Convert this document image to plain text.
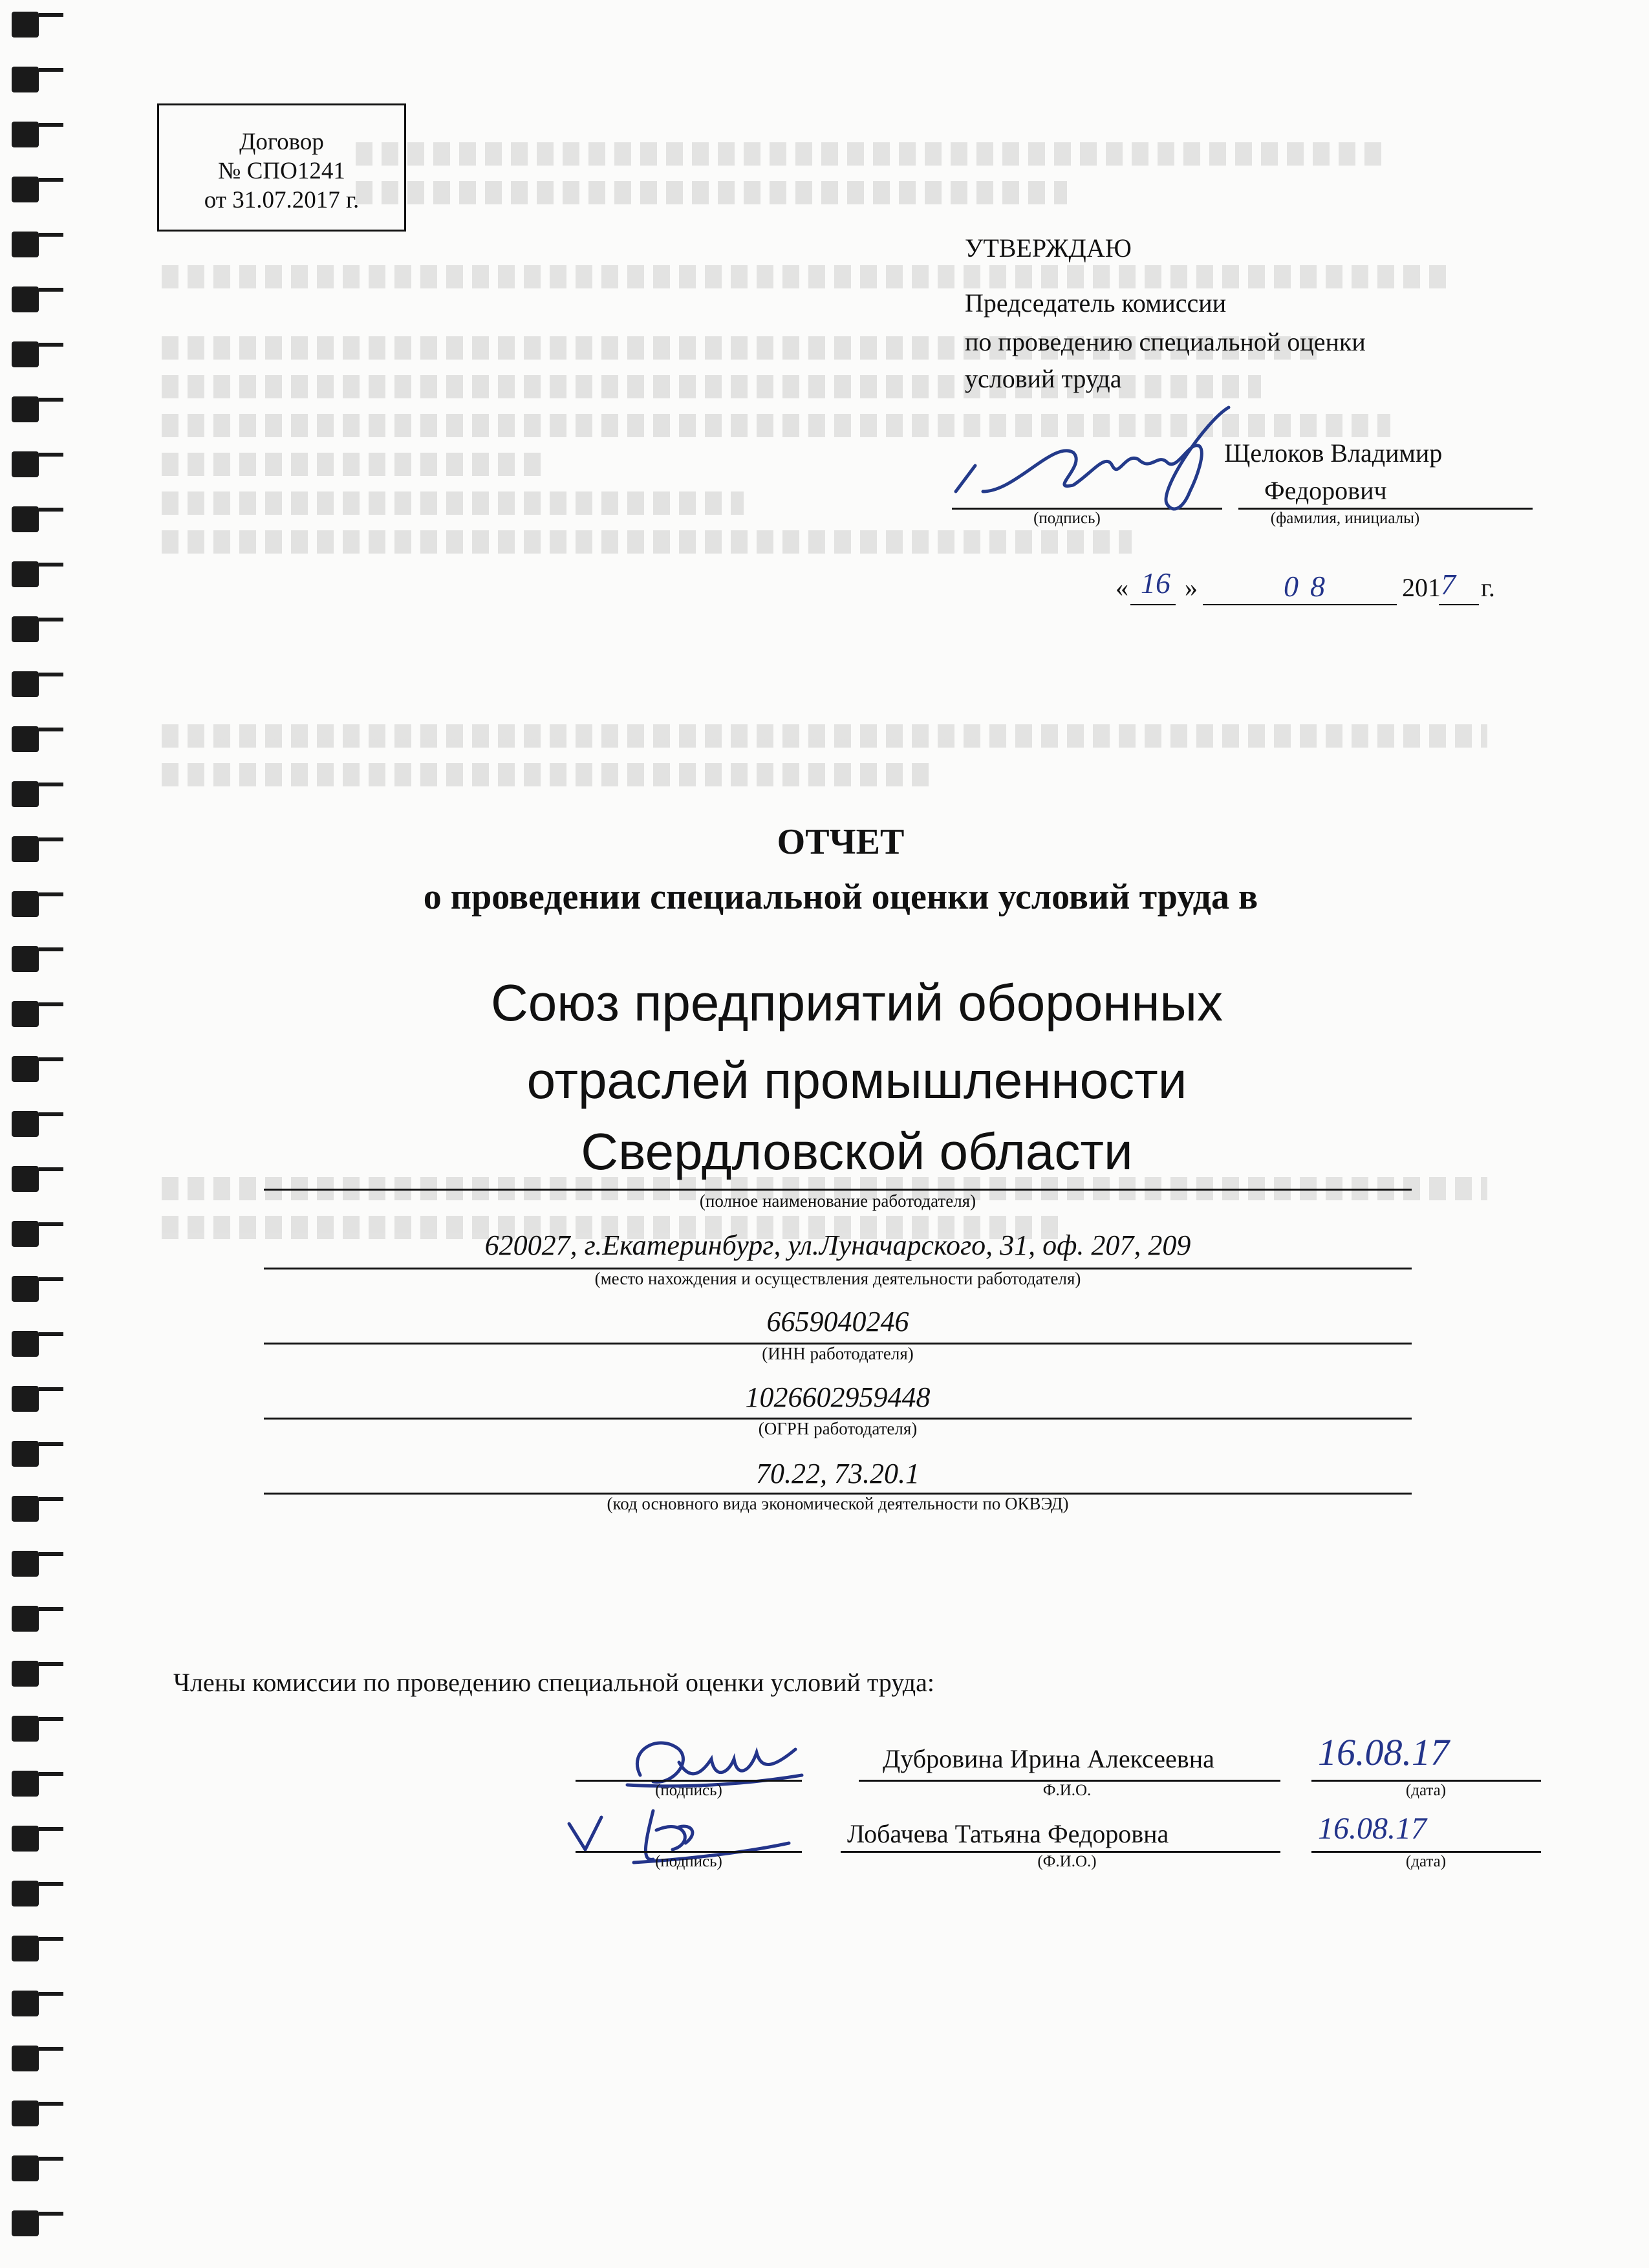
Договор
№ СПО1241
от 31.07.2017 г.
УТВЕРЖДАЮ
Председатель комиссии
по проведению специальной оценки
условий труда
Щелоков Владимир
Федорович
(подпись)	(фамилия, инициалы)
« 16 »	08	201 7 г.
ОТЧЕТ
о проведении специальной оценки условий труда в
Союз предприятий оборонных
отраслей промышленности
Свердловской области
(полное наименование работодателя)
620027, г.Екатеринбург, ул.Луначарского, 31, оф. 207, 209
(место нахождения и осуществления деятельности работодателя)
6659040246
(ИНН работодателя)
1026602959448
(ОГРН работодателя)
70.22, 73.20.1
(код основного вида экономической деятельности по ОКВЭД)
Члены комиссии по проведению специальной оценки условий труда:
Дубровина Ирина Алексеевна	16.08.17
(подпись)	Ф.И.О.	(дата)
Лобачева Татьяна Федоровна	16.08.17
(подпись)	(Ф.И.О.)	(дата)
